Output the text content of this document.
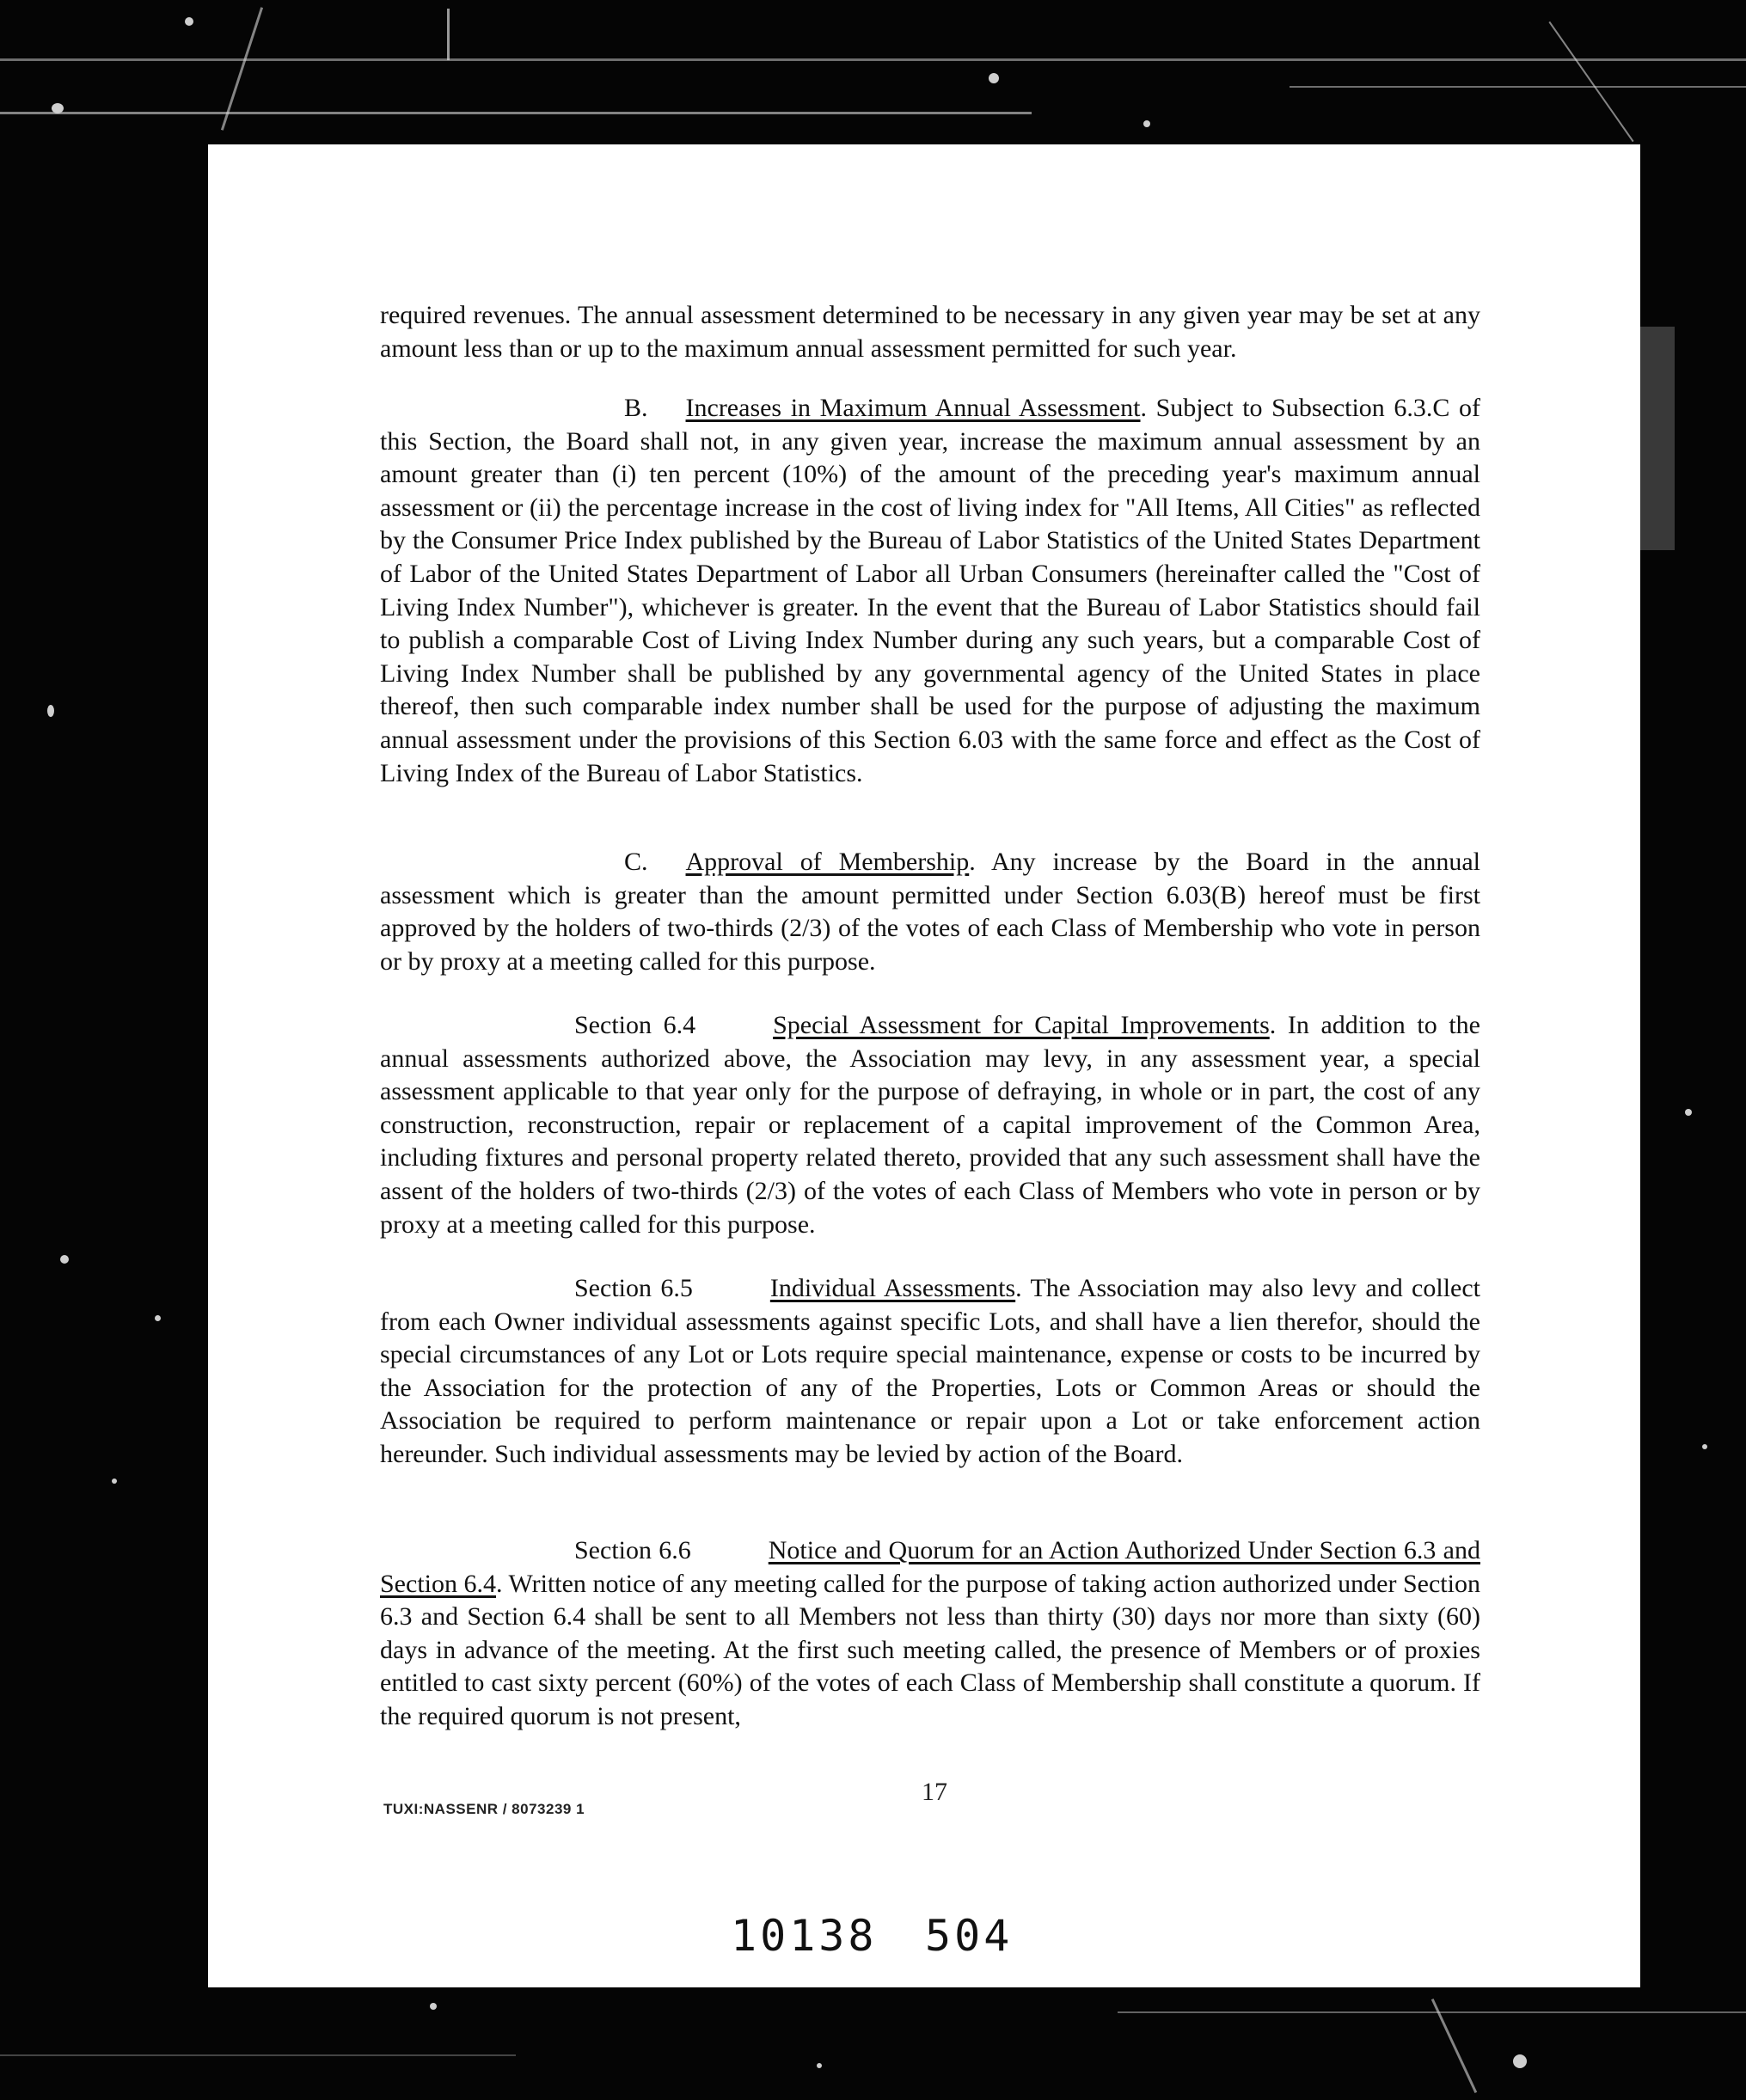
required revenues. The annual assessment determined to be necessary in any given year may be set at any amount less than or up to the maximum annual assessment permitted for such year.

B. Increases in Maximum Annual Assessment. Subject to Subsection 6.3.C of this Section, the Board shall not, in any given year, increase the maximum annual assessment by an amount greater than (i) ten percent (10%) of the amount of the preceding year's maximum annual assessment or (ii) the percentage increase in the cost of living index for "All Items, All Cities" as reflected by the Consumer Price Index published by the Bureau of Labor Statistics of the United States Department of Labor of the United States Department of Labor all Urban Consumers (hereinafter called the "Cost of Living Index Number"), whichever is greater. In the event that the Bureau of Labor Statistics should fail to publish a comparable Cost of Living Index Number during any such years, but a comparable Cost of Living Index Number shall be published by any governmental agency of the United States in place thereof, then such comparable index number shall be used for the purpose of adjusting the maximum annual assessment under the provisions of this Section 6.03 with the same force and effect as the Cost of Living Index of the Bureau of Labor Statistics.

C. Approval of Membership. Any increase by the Board in the annual assessment which is greater than the amount permitted under Section 6.03(B) hereof must be first approved by the holders of two-thirds (2/3) of the votes of each Class of Membership who vote in person or by proxy at a meeting called for this purpose.

Section 6.4	Special Assessment for Capital Improvements. In addition to the annual assessments authorized above, the Association may levy, in any assessment year, a special assessment applicable to that year only for the purpose of defraying, in whole or in part, the cost of any construction, reconstruction, repair or replacement of a capital improvement of the Common Area, including fixtures and personal property related thereto, provided that any such assessment shall have the assent of the holders of two-thirds (2/3) of the votes of each Class of Members who vote in person or by proxy at a meeting called for this purpose.

Section 6.5	Individual Assessments. The Association may also levy and collect from each Owner individual assessments against specific Lots, and shall have a lien therefor, should the special circumstances of any Lot or Lots require special maintenance, expense or costs to be incurred by the Association for the protection of any of the Properties, Lots or Common Areas or should the Association be required to perform maintenance or repair upon a Lot or take enforcement action hereunder. Such individual assessments may be levied by action of the Board.

Section 6.6	Notice and Quorum for an Action Authorized Under Section 6.3 and Section 6.4. Written notice of any meeting called for the purpose of taking action authorized under Section 6.3 and Section 6.4 shall be sent to all Members not less than thirty (30) days nor more than sixty (60) days in advance of the meeting. At the first such meeting called, the presence of Members or of proxies entitled to cast sixty percent (60%) of the votes of each Class of Membership shall constitute a quorum. If the required quorum is not present,

TUXI:NASSENR / 8073239 1
17
10138 504
